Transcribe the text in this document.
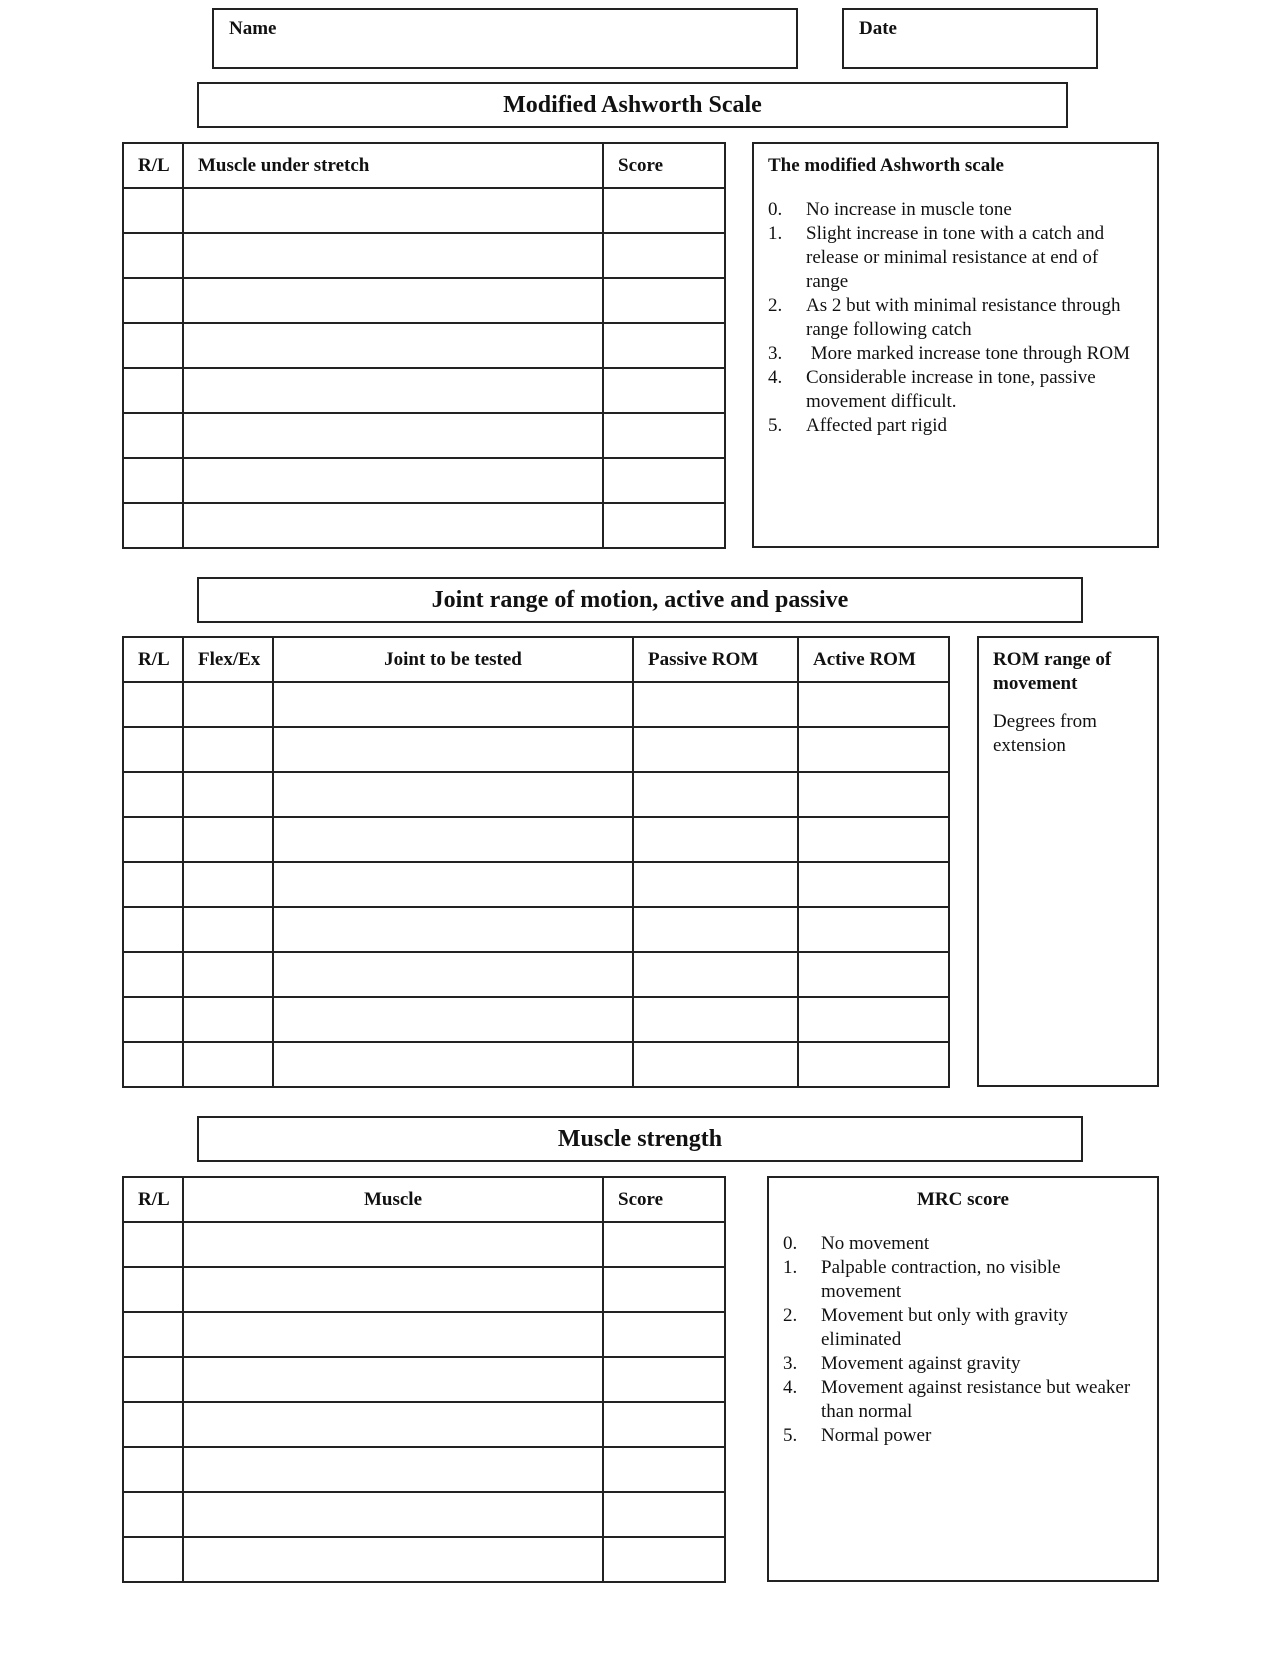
Name	Date
Modified Ashworth Scale
R/L	Muscle under stretch	Score

			The modified Ashworth scale
0.	No increase in muscle tone
1.	Slight increase in tone with a catch and release or minimal resistance at end of range
2.	As 2 but with minimal resistance through range following catch
3.	More marked increase tone through ROM
4.	Considerable increase in tone, passive movement difficult.
5.	Affected part rigid
Joint range of motion, active and passive
R/L	Flex/Ex	Joint to be tested	Passive ROM	Active ROM

					ROM range of movement

Degrees from extension

Muscle strength
R/L	Muscle	Score

			MRC score
0.	No movement
1.	Palpable contraction, no visible movement
2.	Movement but only with gravity eliminated
3.	Movement against gravity
4.	Movement against resistance but weaker than normal
5.	Normal power
